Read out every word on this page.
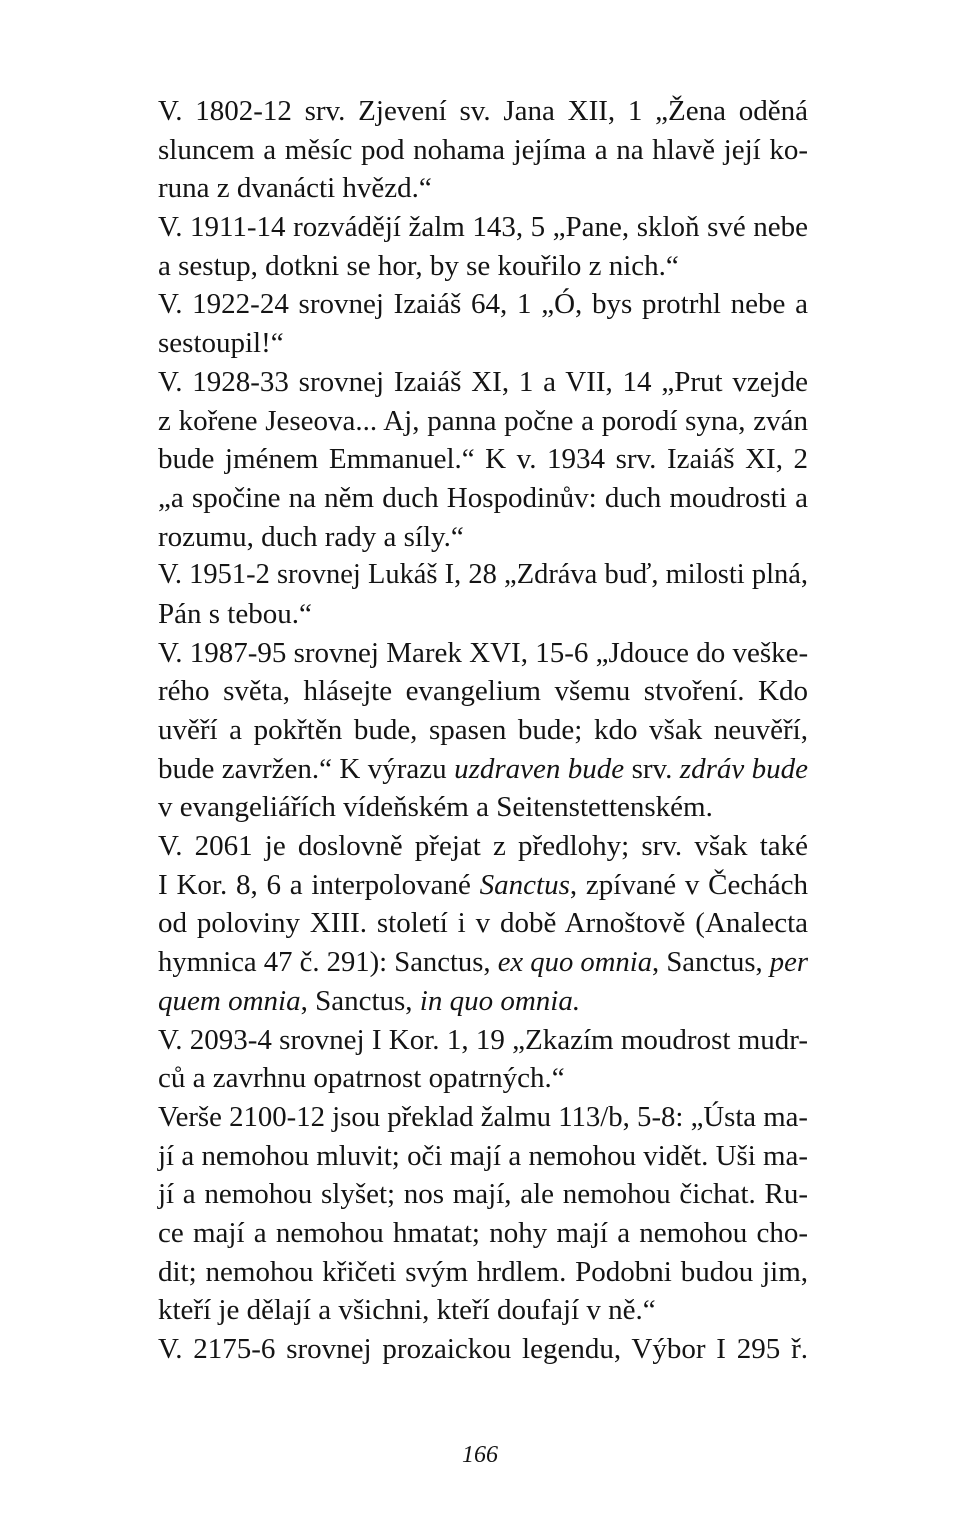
V. 1802-12 srv. Zjevení sv. Jana XII, 1 „Žena oděná
sluncem a měsíc pod nohama jejíma a na hlavě její ko-
runa z dvanácti hvězd.“
V. 1911-14 rozvádějí žalm 143, 5 „Pane, skloň své nebe
a sestup, dotkni se hor, by se kouřilo z nich.“
V. 1922-24 srovnej Izaiáš 64, 1 „Ó, bys protrhl nebe a
sestoupil!“
V. 1928-33 srovnej Izaiáš XI, 1 a VII, 14 „Prut vzejde
z kořene Jeseova... Aj, panna počne a porodí syna, zván
bude jménem Emmanuel.“ K v. 1934 srv. Izaiáš XI, 2
„a spočine na něm duch Hospodinův: duch moudrosti a
rozumu, duch rady a síly.“
V. 1951-2 srovnej Lukáš I, 28 „Zdráva buď, milosti plná,
Pán s tebou.“
V. 1987-95 srovnej Marek XVI, 15-6 „Jdouce do veške-
rého světa, hlásejte evangelium všemu stvoření. Kdo
uvěří a pokřtěn bude, spasen bude; kdo však neuvěří,
bude zavržen.“ K výrazu uzdraven bude srv. zdráv bude
v evangeliářích vídeňském a Seitenstettenském.
V. 2061 je doslovně přejat z předlohy; srv. však také
I Kor. 8, 6 a interpolované Sanctus, zpívané v Čechách
od poloviny XIII. století i v době Arnoštově (Analecta
hymnica 47 č. 291): Sanctus, ex quo omnia, Sanctus, per
quem omnia, Sanctus, in quo omnia.
V. 2093-4 srovnej I Kor. 1, 19 „Zkazím moudrost mudr-
ců a zavrhnu opatrnost opatrných.“
Verše 2100-12 jsou překlad žalmu 113/b, 5-8: „Ústa ma-
jí a nemohou mluvit; oči mají a nemohou vidět. Uši ma-
jí a nemohou slyšet; nos mají, ale nemohou čichat. Ru-
ce mají a nemohou hmatat; nohy mají a nemohou cho-
dit; nemohou křičeti svým hrdlem. Podobni budou jim,
kteří je dělají a všichni, kteří doufají v ně.“
V. 2175-6 srovnej prozaickou legendu, Výbor I 295 ř.
166
